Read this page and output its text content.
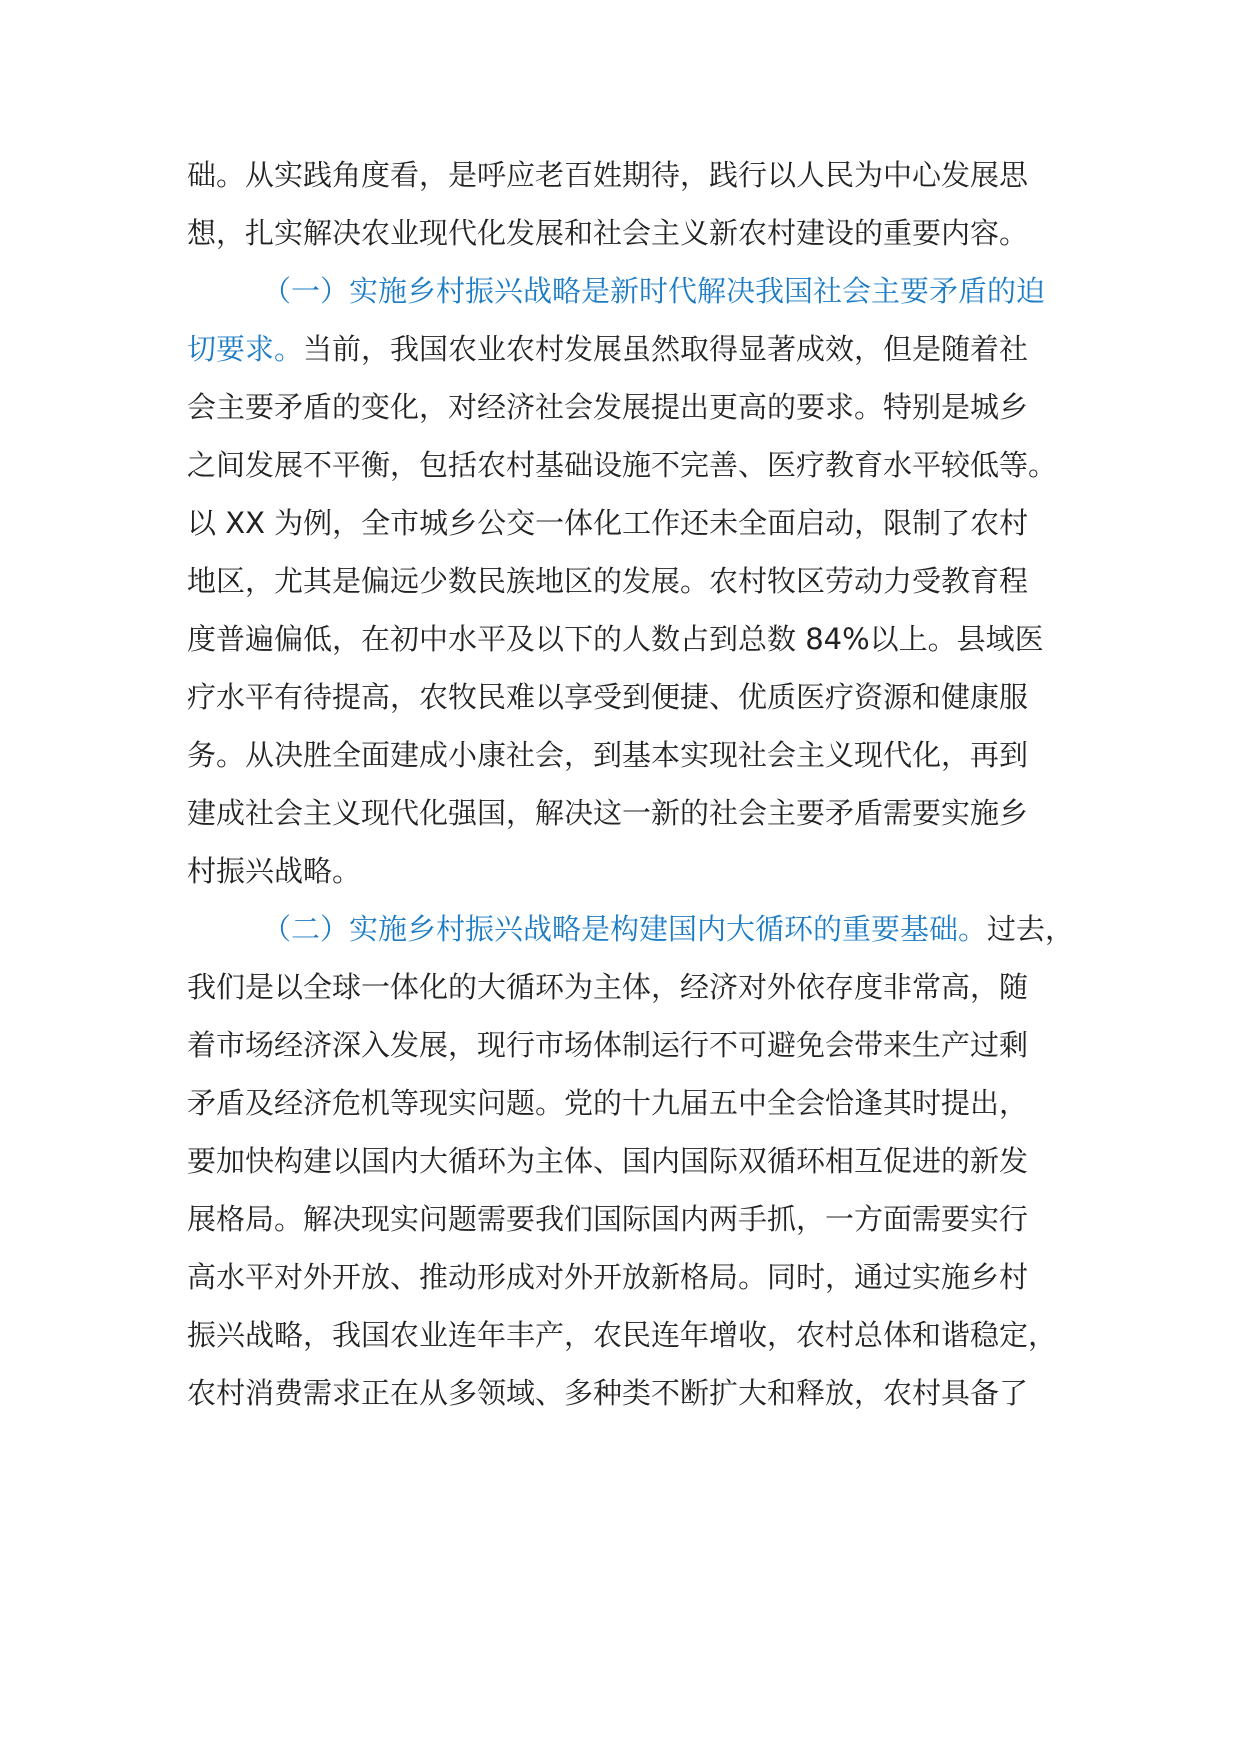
础。从实践角度看，是呼应老百姓期待，践行以人民为中心发展思
想，扎实解决农业现代化发展和社会主义新农村建设的重要内容。
（一）实施乡村振兴战略是新时代解决我国社会主要矛盾的迫
切要求。当前，我国农业农村发展虽然取得显著成效，但是随着社
会主要矛盾的变化，对经济社会发展提出更高的要求。特别是城乡
之间发展不平衡，包括农村基础设施不完善、医疗教育水平较低等。
以 XX 为例，全市城乡公交一体化工作还未全面启动，限制了农村
地区，尤其是偏远少数民族地区的发展。农村牧区劳动力受教育程
度普遍偏低，在初中水平及以下的人数占到总数 84%以上。县域医
疗水平有待提高，农牧民难以享受到便捷、优质医疗资源和健康服
务。从决胜全面建成小康社会，到基本实现社会主义现代化，再到
建成社会主义现代化强国，解决这一新的社会主要矛盾需要实施乡
村振兴战略。
（二）实施乡村振兴战略是构建国内大循环的重要基础。过去，
我们是以全球一体化的大循环为主体，经济对外依存度非常高，随
着市场经济深入发展，现行市场体制运行不可避免会带来生产过剩
矛盾及经济危机等现实问题。党的十九届五中全会恰逢其时提出，
要加快构建以国内大循环为主体、国内国际双循环相互促进的新发
展格局。解决现实问题需要我们国际国内两手抓，一方面需要实行
高水平对外开放、推动形成对外开放新格局。同时，通过实施乡村
振兴战略，我国农业连年丰产，农民连年增收，农村总体和谐稳定，
农村消费需求正在从多领域、多种类不断扩大和释放，农村具备了
